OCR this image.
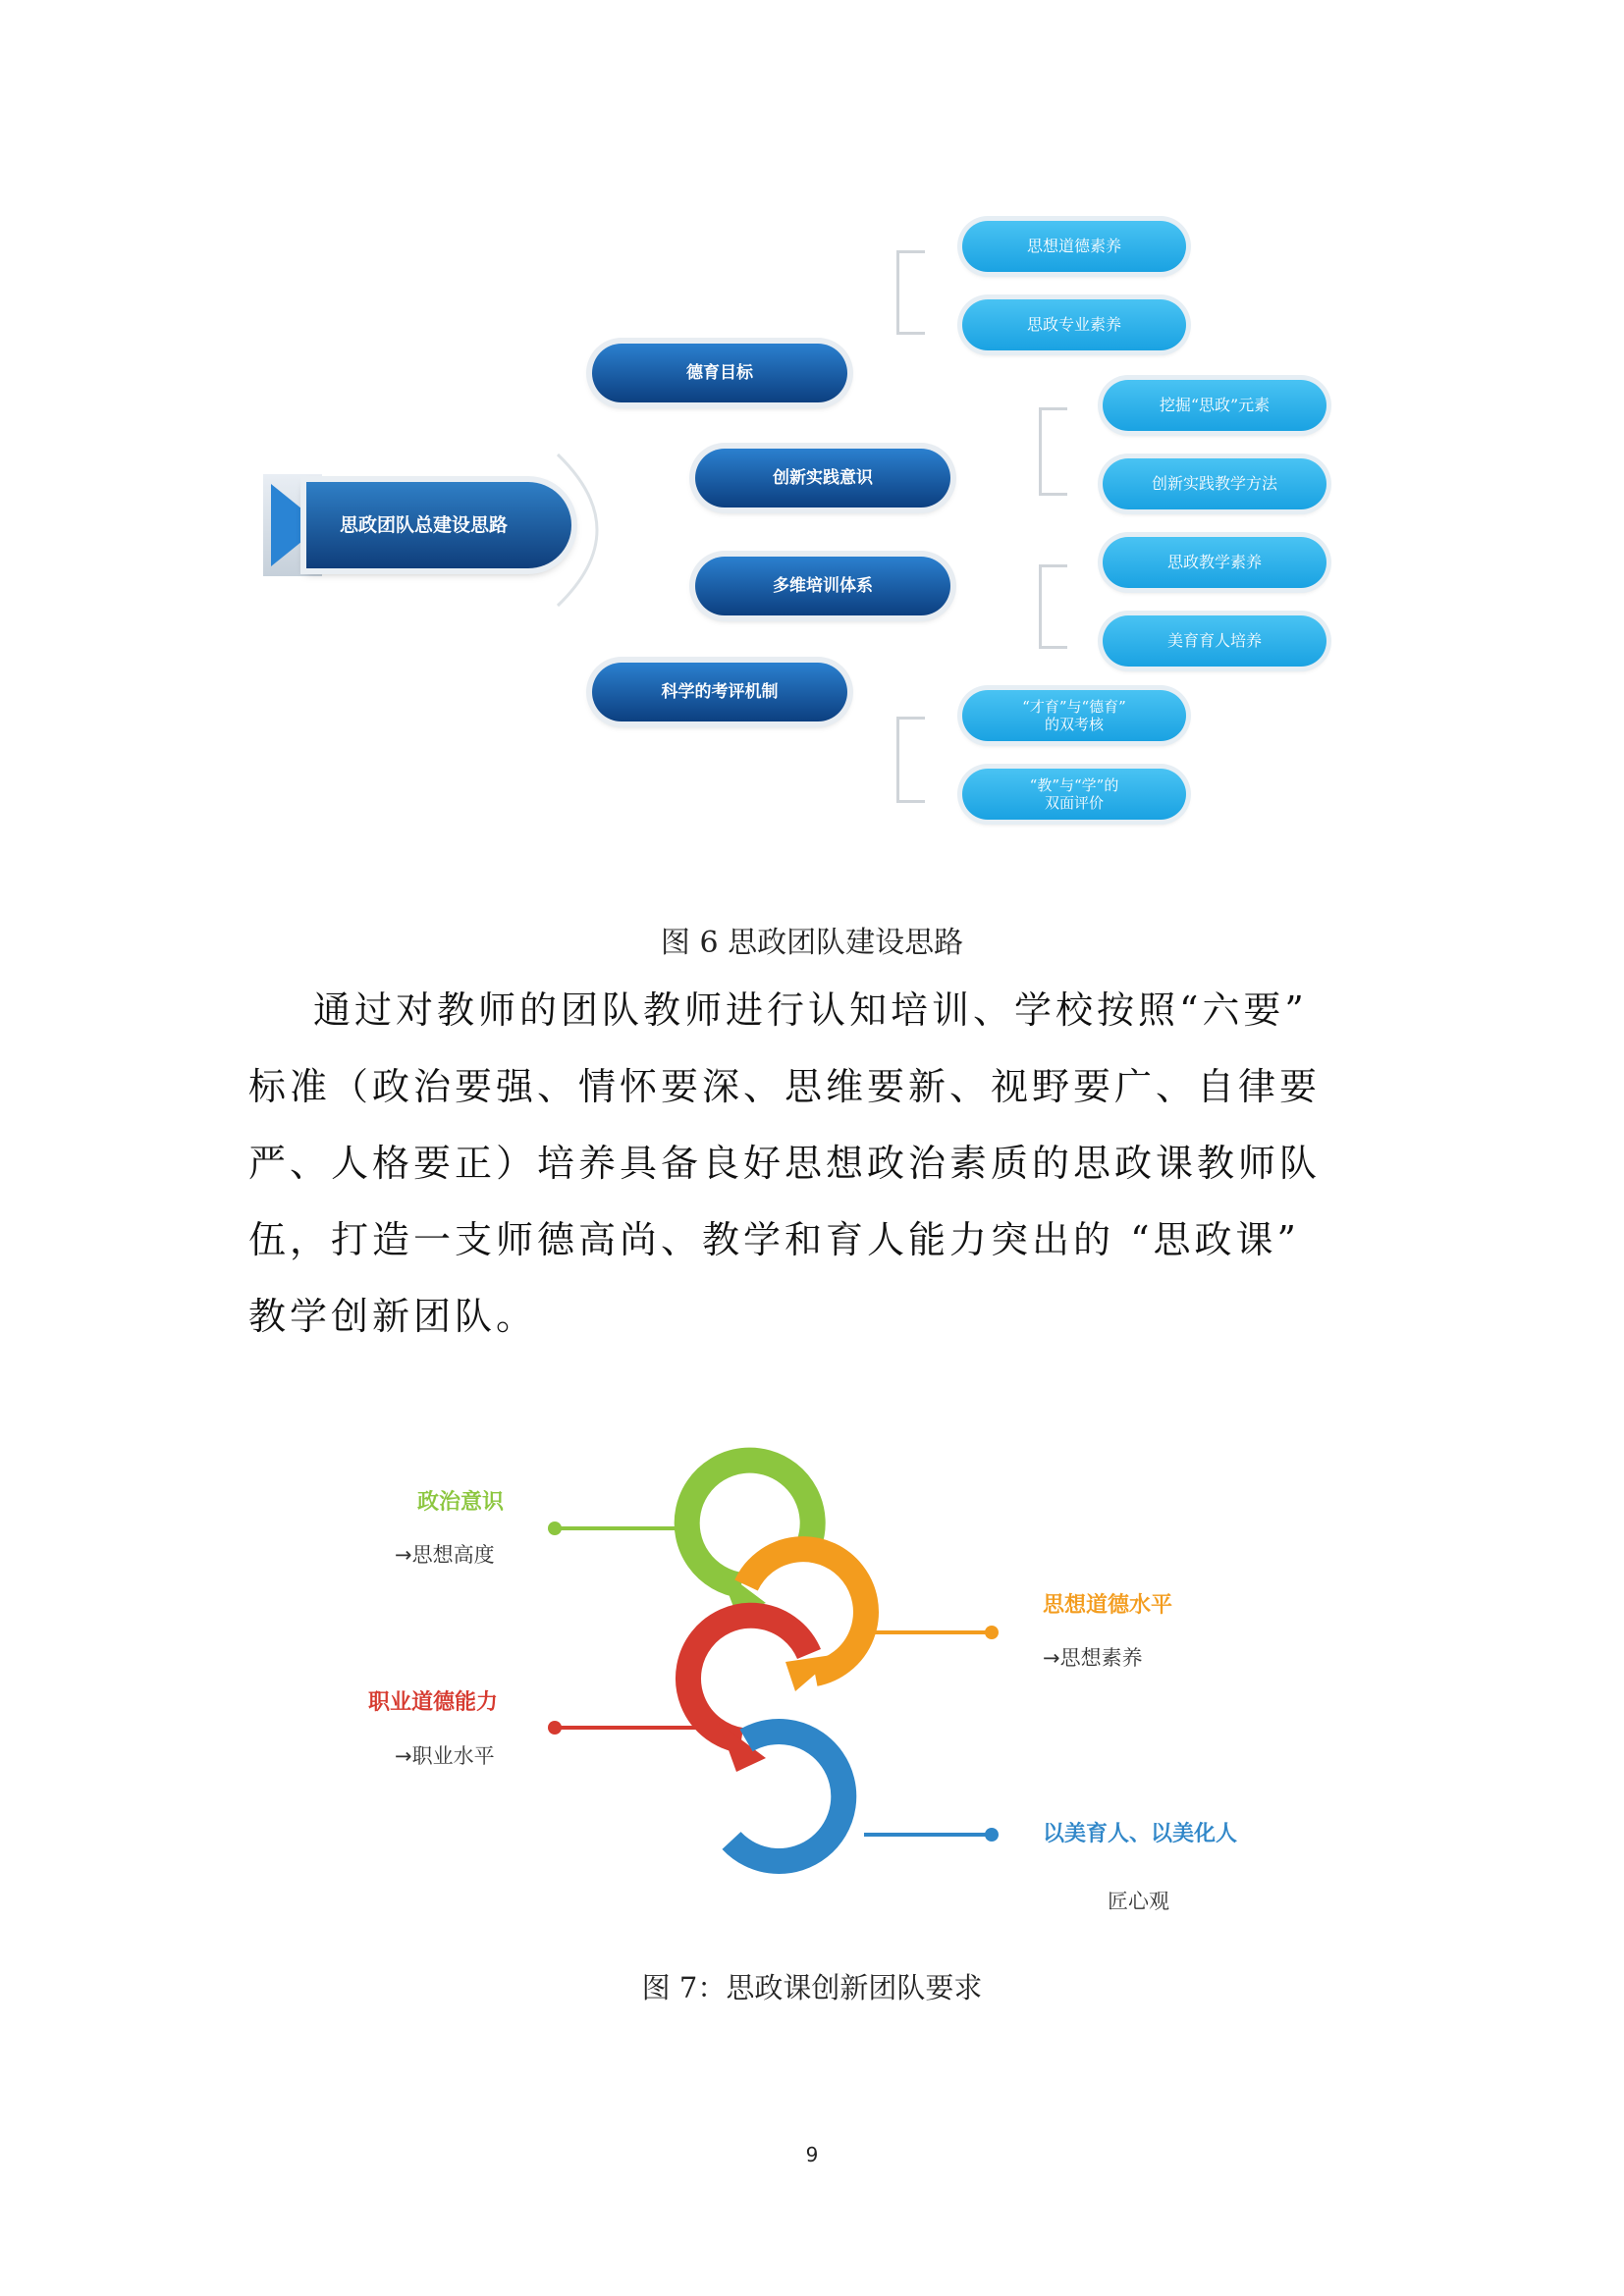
思政团队总建设思路
德育目标
创新实践意识
多维培训体系
科学的考评机制
思想道德素养
思政专业素养
挖掘“思政”元素
创新实践教学方法
思政教学素养
美育育人培养
“才育”与“德育”
的双考核
“教”与“学”的
双面评价
图 6 思政团队建设思路
通过对教师的团队教师进行认知培训、学校按照“六要”
标准（政治要强、情怀要深、思维要新、视野要广、自律要
严、人格要正）培养具备良好思想政治素质的思政课教师队
伍，打造一支师德高尚、教学和育人能力突出的 “思政课”
教学创新团队。
政治意识
→思想高度
思想道德水平
→思想素养
职业道德能力
→职业水平
以美育人、以美化人
匠心观
图 7：思政课创新团队要求
9
